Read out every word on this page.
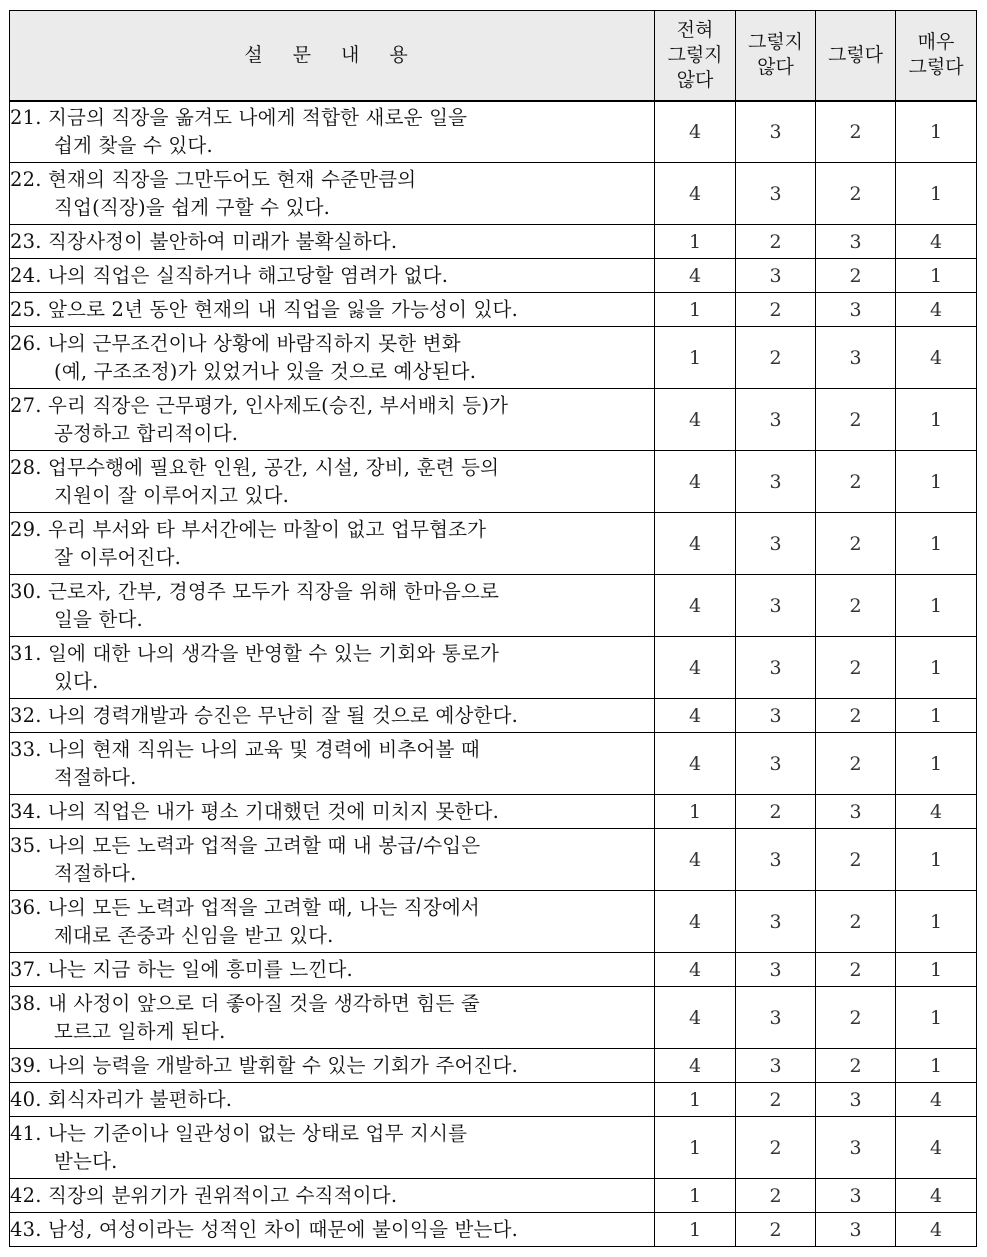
설 문 내 용	전혀
그렇지
않다	그렇지
않다	그렇다	매우
그렇다

21. 지금의 직장을 옮겨도 나에게 적합한 새로운 일을
쉽게 찾을 수 있다.	4	3	2	1

22. 현재의 직장을 그만두어도 현재 수준만큼의
직업(직장)을 쉽게 구할 수 있다.	4	3	2	1

23. 직장사정이 불안하여 미래가 불확실하다.	1	2	3	4

24. 나의 직업은 실직하거나 해고당할 염려가 없다.	4	3	2	1

25. 앞으로 2년 동안 현재의 내 직업을 잃을 가능성이 있다.	1	2	3	4

26. 나의 근무조건이나 상황에 바람직하지 못한 변화
(예, 구조조정)가 있었거나 있을 것으로 예상된다.	1	2	3	4

27. 우리 직장은 근무평가, 인사제도(승진, 부서배치 등)가
공정하고 합리적이다.	4	3	2	1

28. 업무수행에 필요한 인원, 공간, 시설, 장비, 훈련 등의
지원이 잘 이루어지고 있다.	4	3	2	1

29. 우리 부서와 타 부서간에는 마찰이 없고 업무협조가
잘 이루어진다.	4	3	2	1

30. 근로자, 간부, 경영주 모두가 직장을 위해 한마음으로
일을 한다.	4	3	2	1

31. 일에 대한 나의 생각을 반영할 수 있는 기회와 통로가
있다.	4	3	2	1

32. 나의 경력개발과 승진은 무난히 잘 될 것으로 예상한다.	4	3	2	1

33. 나의 현재 직위는 나의 교육 및 경력에 비추어볼 때
적절하다.	4	3	2	1

34. 나의 직업은 내가 평소 기대했던 것에 미치지 못한다.	1	2	3	4

35. 나의 모든 노력과 업적을 고려할 때 내 봉급/수입은
적절하다.	4	3	2	1

36. 나의 모든 노력과 업적을 고려할 때, 나는 직장에서
제대로 존중과 신임을 받고 있다.	4	3	2	1

37. 나는 지금 하는 일에 흥미를 느낀다.	4	3	2	1

38. 내 사정이 앞으로 더 좋아질 것을 생각하면 힘든 줄
모르고 일하게 된다.	4	3	2	1

39. 나의 능력을 개발하고 발휘할 수 있는 기회가 주어진다.	4	3	2	1

40. 회식자리가 불편하다.	1	2	3	4

41. 나는 기준이나 일관성이 없는 상태로 업무 지시를
받는다.	1	2	3	4

42. 직장의 분위기가 권위적이고 수직적이다.	1	2	3	4

43. 남성, 여성이라는 성적인 차이 때문에 불이익을 받는다.	1	2	3	4
